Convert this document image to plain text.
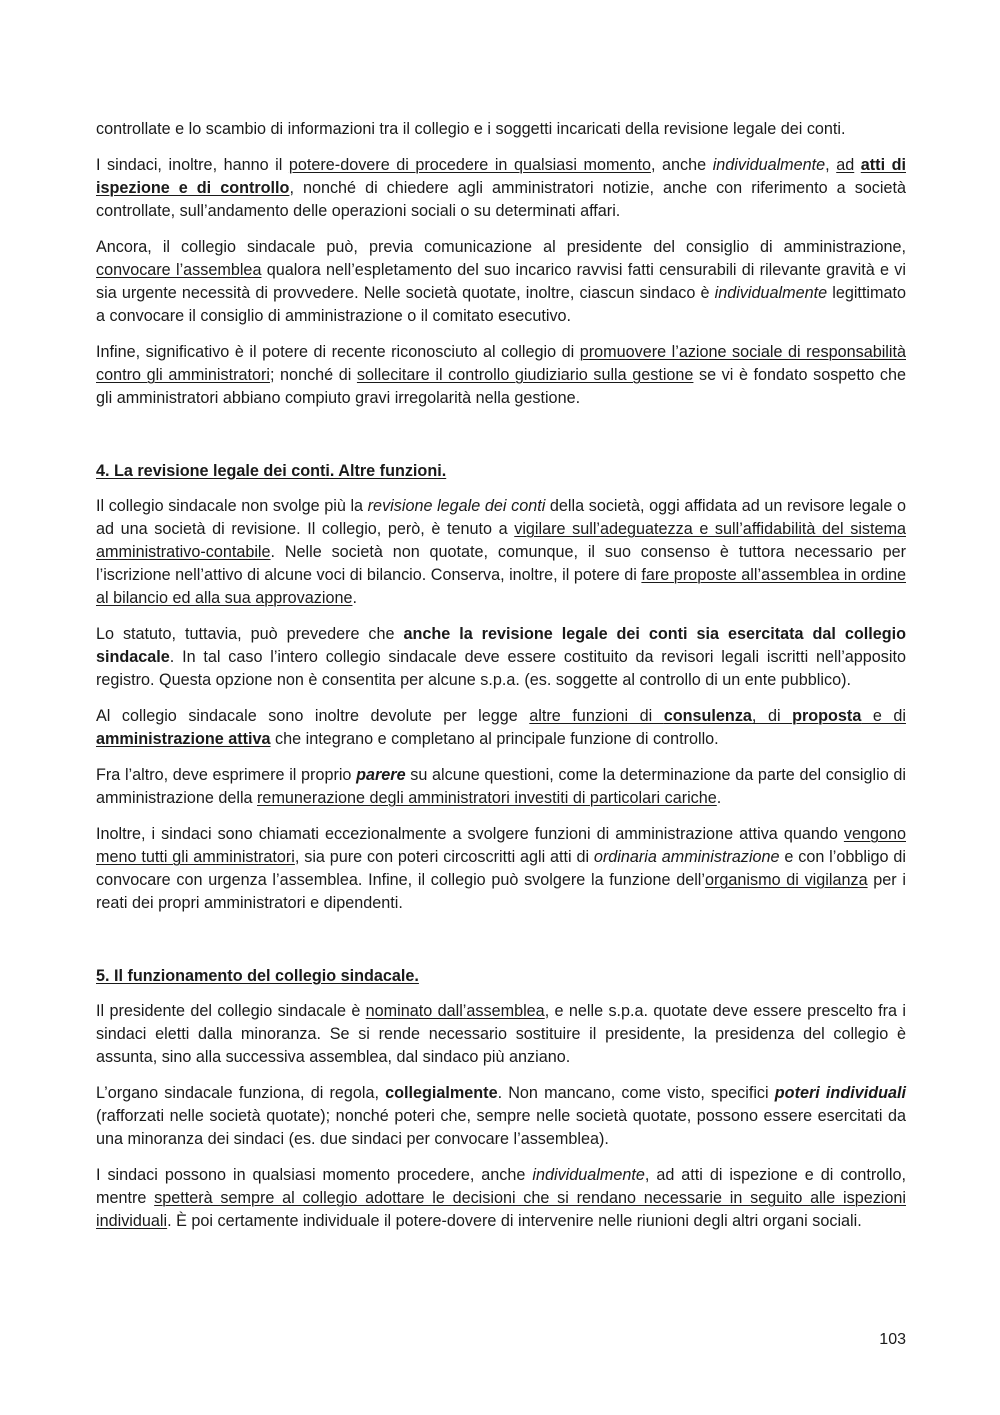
controllate e lo scambio di informazioni tra il collegio e i soggetti incaricati della revisione legale dei conti.

I sindaci, inoltre, hanno il potere-dovere di procedere in qualsiasi momento, anche individualmente, ad atti di ispezione e di controllo, nonché di chiedere agli amministratori notizie, anche con riferimento a società controllate, sull’andamento delle operazioni sociali o su determinati affari.

Ancora, il collegio sindacale può, previa comunicazione al presidente del consiglio di amministrazione, convocare l’assemblea qualora nell’espletamento del suo incarico ravvisi fatti censurabili di rilevante gravità e vi sia urgente necessità di provvedere. Nelle società quotate, inoltre, ciascun sindaco è individualmente legittimato a convocare il consiglio di amministrazione o il comitato esecutivo.

Infine, significativo è il potere di recente riconosciuto al collegio di promuovere l’azione sociale di responsabilità contro gli amministratori; nonché di sollecitare il controllo giudiziario sulla gestione se vi è fondato sospetto che gli amministratori abbiano compiuto gravi irregolarità nella gestione.

4. La revisione legale dei conti. Altre funzioni.

Il collegio sindacale non svolge più la revisione legale dei conti della società, oggi affidata ad un revisore legale o ad una società di revisione. Il collegio, però, è tenuto a vigilare sull’adeguatezza e sull’affidabilità del sistema amministrativo-contabile. Nelle società non quotate, comunque, il suo consenso è tuttora necessario per l’iscrizione nell’attivo di alcune voci di bilancio. Conserva, inoltre, il potere di fare proposte all’assemblea in ordine al bilancio ed alla sua approvazione.

Lo statuto, tuttavia, può prevedere che anche la revisione legale dei conti sia esercitata dal collegio sindacale. In tal caso l’intero collegio sindacale deve essere costituito da revisori legali iscritti nell’apposito registro. Questa opzione non è consentita per alcune s.p.a. (es. soggette al controllo di un ente pubblico).

Al collegio sindacale sono inoltre devolute per legge altre funzioni di consulenza, di proposta e di amministrazione attiva che integrano e completano al principale funzione di controllo.

Fra l’altro, deve esprimere il proprio parere su alcune questioni, come la determinazione da parte del consiglio di amministrazione della remunerazione degli amministratori investiti di particolari cariche.

Inoltre, i sindaci sono chiamati eccezionalmente a svolgere funzioni di amministrazione attiva quando vengono meno tutti gli amministratori, sia pure con poteri circoscritti agli atti di ordinaria amministrazione e con l’obbligo di convocare con urgenza l’assemblea. Infine, il collegio può svolgere la funzione dell’organismo di vigilanza per i reati dei propri amministratori e dipendenti.

5. Il funzionamento del collegio sindacale.

Il presidente del collegio sindacale è nominato dall’assemblea, e nelle s.p.a. quotate deve essere prescelto fra i sindaci eletti dalla minoranza. Se si rende necessario sostituire il presidente, la presidenza del collegio è assunta, sino alla successiva assemblea, dal sindaco più anziano.

L’organo sindacale funziona, di regola, collegialmente. Non mancano, come visto, specifici poteri individuali (rafforzati nelle società quotate); nonché poteri che, sempre nelle società quotate, possono essere esercitati da una minoranza dei sindaci (es. due sindaci per convocare l’assemblea).

I sindaci possono in qualsiasi momento procedere, anche individualmente, ad atti di ispezione e di controllo, mentre spetterà sempre al collegio adottare le decisioni che si rendano necessarie in seguito alle ispezioni individuali. È poi certamente individuale il potere-dovere di intervenire nelle riunioni degli altri organi sociali.

103
